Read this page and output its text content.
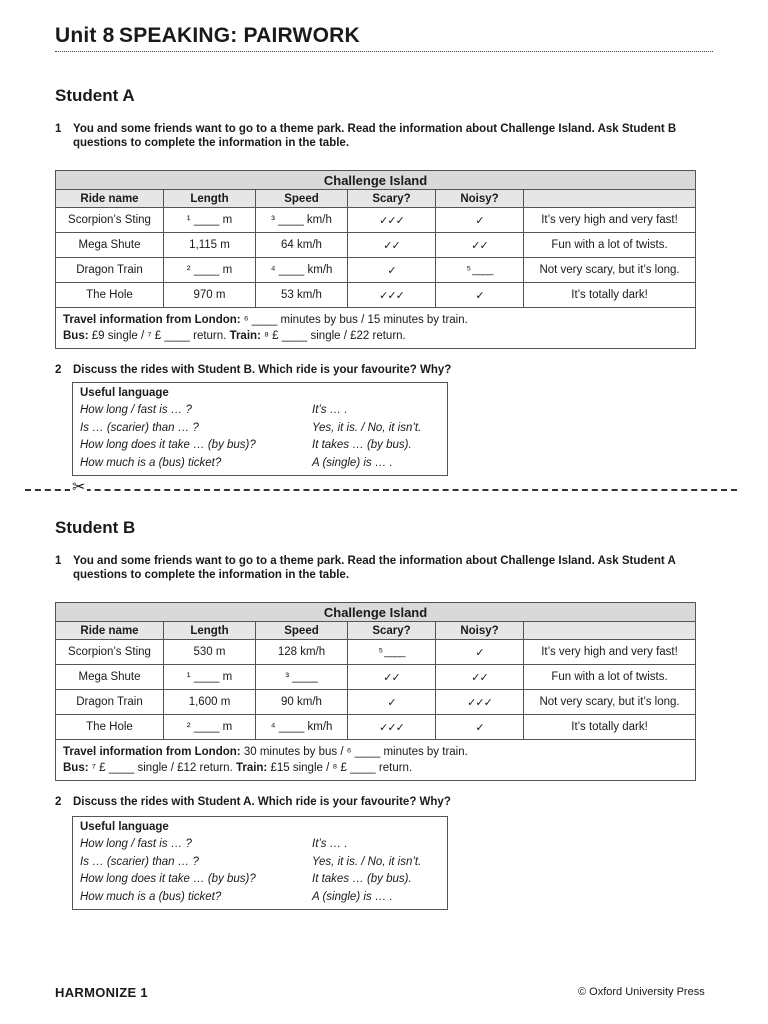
Unit 8 SPEAKING: PAIRWORK
Student A
1 You and some friends want to go to a theme park. Read the information about Challenge Island. Ask Student B questions to complete the information in the table.
Challenge Island					
Ride name	Length	Speed	Scary?	Noisy?	
Scorpion’s Sting	¹ ____ m	³ ____ km/h	✓✓✓	✓	It’s very high and very fast!
Mega Shute	1,115 m	64 km/h	✓✓	✓✓	Fun with a lot of twists.
Dragon Train	² ____ m	⁴ ____ km/h	✓	⁵ ____	Not very scary, but it’s long.
The Hole	970 m	53 km/h	✓✓✓	✓	It’s totally dark!
Travel information from London: ⁶ ____ minutes by bus / 15 minutes by train.
Bus: £9 single / ⁷ £ ____ return. Train: ⁸ £ ____ single / £22 return.					
2 Discuss the rides with Student B. Which ride is your favourite? Why?
Useful language
How long / fast is … ?	It’s … .
Is … (scarier) than … ?	Yes, it is. / No, it isn’t.
How long does it take … (by bus)?	It takes … (by bus).
How much is a (bus) ticket?	A (single) is … .
✂
Student B
1 You and some friends want to go to a theme park. Read the information about Challenge Island. Ask Student A questions to complete the information in the table.
Challenge Island					
Ride name	Length	Speed	Scary?	Noisy?	
Scorpion’s Sting	530 m	128 km/h	⁵ ____	✓	It’s very high and very fast!
Mega Shute	¹ ____ m	³ ____	✓✓	✓✓	Fun with a lot of twists.
Dragon Train	1,600 m	90 km/h	✓	✓✓✓	Not very scary, but it’s long.
The Hole	² ____ m	⁴ ____ km/h	✓✓✓	✓	It’s totally dark!
Travel information from London: 30 minutes by bus / ⁶ ____ minutes by train.
Bus: ⁷ £ ____ single / £12 return. Train: £15 single / ⁸ £ ____ return.					
2 Discuss the rides with Student A. Which ride is your favourite? Why?
Useful language
How long / fast is … ?	It’s … .
Is … (scarier) than … ?	Yes, it is. / No, it isn’t.
How long does it take … (by bus)?	It takes … (by bus).
How much is a (bus) ticket?	A (single) is … .
HARMONIZE 1	© Oxford University Press
